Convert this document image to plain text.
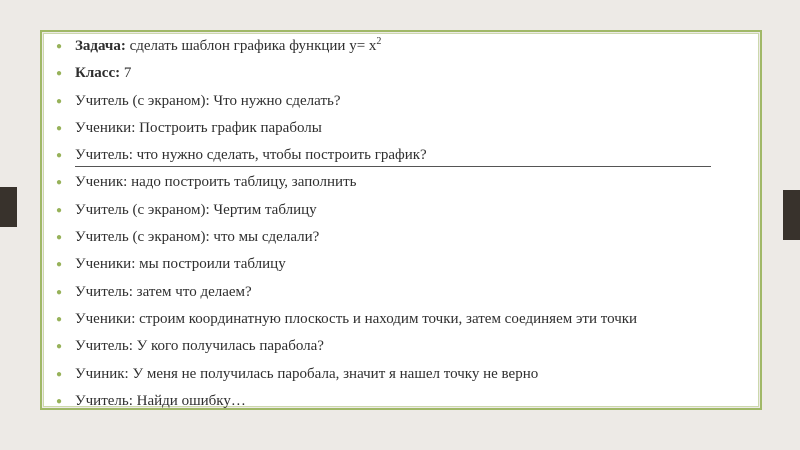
● Задача: сделать шаблон графика функции $у= х^2$
● Класс: 7
● Учитель (с экраном): Что нужно сделать?
● Ученики: Построить график параболы
● Учитель: что нужно сделать, чтобы построить график?
● Ученик: надо построить таблицу, заполнить
● Учитель (с экраном): Чертим таблицу
● Учитель (с экраном): что мы сделали?
● Ученики: мы построили таблицу
● Учитель: затем что делаем?
● Ученики: строим координатную плоскость и находим точки, затем соединяем эти точки
● Учитель: У кого получилась парабола?
● Учиник: У меня не получилась паробала, значит я нашел точку не верно
● Учитель: Найди ошибку…
